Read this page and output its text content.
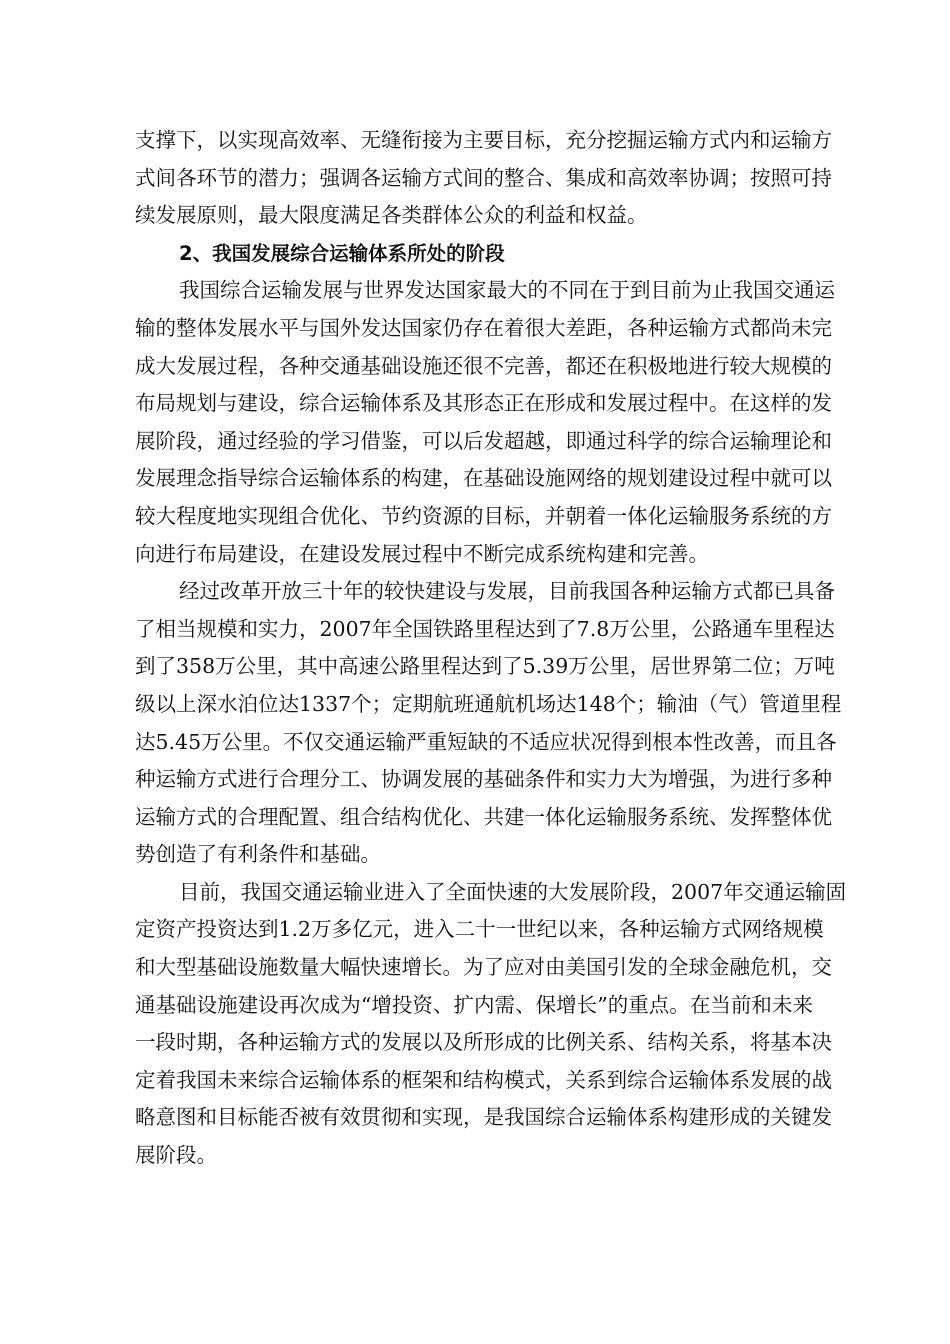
支撑下，以实现高效率、无缝衔接为主要目标，充分挖掘运输方式内和运输方
式间各环节的潜力；强调各运输方式间的整合、集成和高效率协调；按照可持
续发展原则，最大限度满足各类群体公众的利益和权益。
2、我国发展综合运输体系所处的阶段
我国综合运输发展与世界发达国家最大的不同在于到目前为止我国交通运
输的整体发展水平与国外发达国家仍存在着很大差距，各种运输方式都尚未完
成大发展过程，各种交通基础设施还很不完善，都还在积极地进行较大规模的
布局规划与建设，综合运输体系及其形态正在形成和发展过程中。在这样的发
展阶段，通过经验的学习借鉴，可以后发超越，即通过科学的综合运输理论和
发展理念指导综合运输体系的构建，在基础设施网络的规划建设过程中就可以
较大程度地实现组合优化、节约资源的目标，并朝着一体化运输服务系统的方
向进行布局建设，在建设发展过程中不断完成系统构建和完善。
经过改革开放三十年的较快建设与发展，目前我国各种运输方式都已具备
了相当规模和实力，2007年全国铁路里程达到了7.8万公里，公路通车里程达
到了358万公里，其中高速公路里程达到了5.39万公里，居世界第二位；万吨
级以上深水泊位达1337个；定期航班通航机场达148个；输油（气）管道里程
达5.45万公里。不仅交通运输严重短缺的不适应状况得到根本性改善，而且各
种运输方式进行合理分工、协调发展的基础条件和实力大为增强，为进行多种
运输方式的合理配置、组合结构优化、共建一体化运输服务系统、发挥整体优
势创造了有利条件和基础。
目前，我国交通运输业进入了全面快速的大发展阶段，2007年交通运输固
定资产投资达到1.2万多亿元，进入二十一世纪以来，各种运输方式网络规模
和大型基础设施数量大幅快速增长。为了应对由美国引发的全球金融危机，交
通基础设施建设再次成为“增投资、扩内需、保增长”的重点。在当前和未来
一段时期，各种运输方式的发展以及所形成的比例关系、结构关系，将基本决
定着我国未来综合运输体系的框架和结构模式，关系到综合运输体系发展的战
略意图和目标能否被有效贯彻和实现，是我国综合运输体系构建形成的关键发
展阶段。
